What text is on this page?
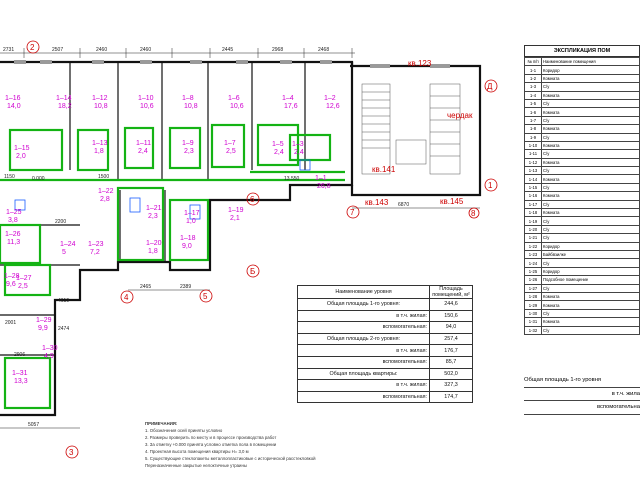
2731	2507	2460	2460	2445	2968	2468
2
Д
1
7	8
6
4	5
Б
3
кв.123
кв.141
кв.143	кв.145
чердак
0.000	13.550
6870
2465	2389
5057
4619
2200
1500
1150
2906
2474
2001
1–16
14,0
1–14
18,2
1–12
10,8
1–10
10,6
1–8
10,8
1–6
10,6
1–4
17,6
1–2
12,6
1–15
2,0
1–13
1,8
1–11
2,4
1–9
2,3
1–7
2,5
1–5
2,4
1–3
2,4
1–1
26,8
1–22
2,8
1–21
2,3
1–20
1,8
1–18
9,0
1–19
2,1
1–26
11,3	1–23
7,2
1–28
9,6
1–29
9,9
1–30
4,9
1–31
13,3
1–27
2,5
1–25
3,8
1–17
1,0
1–24
5
Наименование уровня	Площадь помещений, м²
Общая площадь 1-го уровня:	244,6
в т.ч. жилая:	150,6
вспомогательная:	94,0
Общая площадь 2-го уровня:	257,4
в т.ч. жилая:	176,7
вспомогательная:	85,7
Общая площадь квартиры:	502,0
в т.ч. жилая:	327,3
вспомогательная:	174,7
ЭКСПЛИКАЦИЯ ПОМ
№ п/п	Наименование помещения
1-1	Коридор
1-2	Комната
1-3	С/у
1-4	Комната
1-5	С/у
1-6	Комната
1-7	С/у
1-8	Комната
1-9	С/у
1-10	Комната
1-11	С/у
1-12	Комната
1-13	С/у
1-14	Комната
1-15	С/у
1-16	Комната
1-17	С/у
1-18	Комната
1-19	С/у
1-20	С/у
1-21	С/у
1-22	Коридор
1-23	Байбвзилке
1-24	С/у
1-25	Коридор
1-26	Подсобное помещение
1-27	С/у
1-28	Комната
1-29	Комната
1-30	С/у
1-31	Комната
1-32	С/у
Общая площадь 1-го уровня
в т.ч. жила
вспомогательна
ПРИМЕЧАНИЯ:
1. Обозначения осей приняты условно
2. Размеры проверить по месту и в процессе производства работ
3. За отметку +0.000 принята условно отметка пола в помещении
4. Проектная высота помещения квартиры H= 3,0 м
5. Существующие стеклопакеты металлопластиковые с исторической расстекловкой
Переназначенные закрытые нелоктичные утраины
